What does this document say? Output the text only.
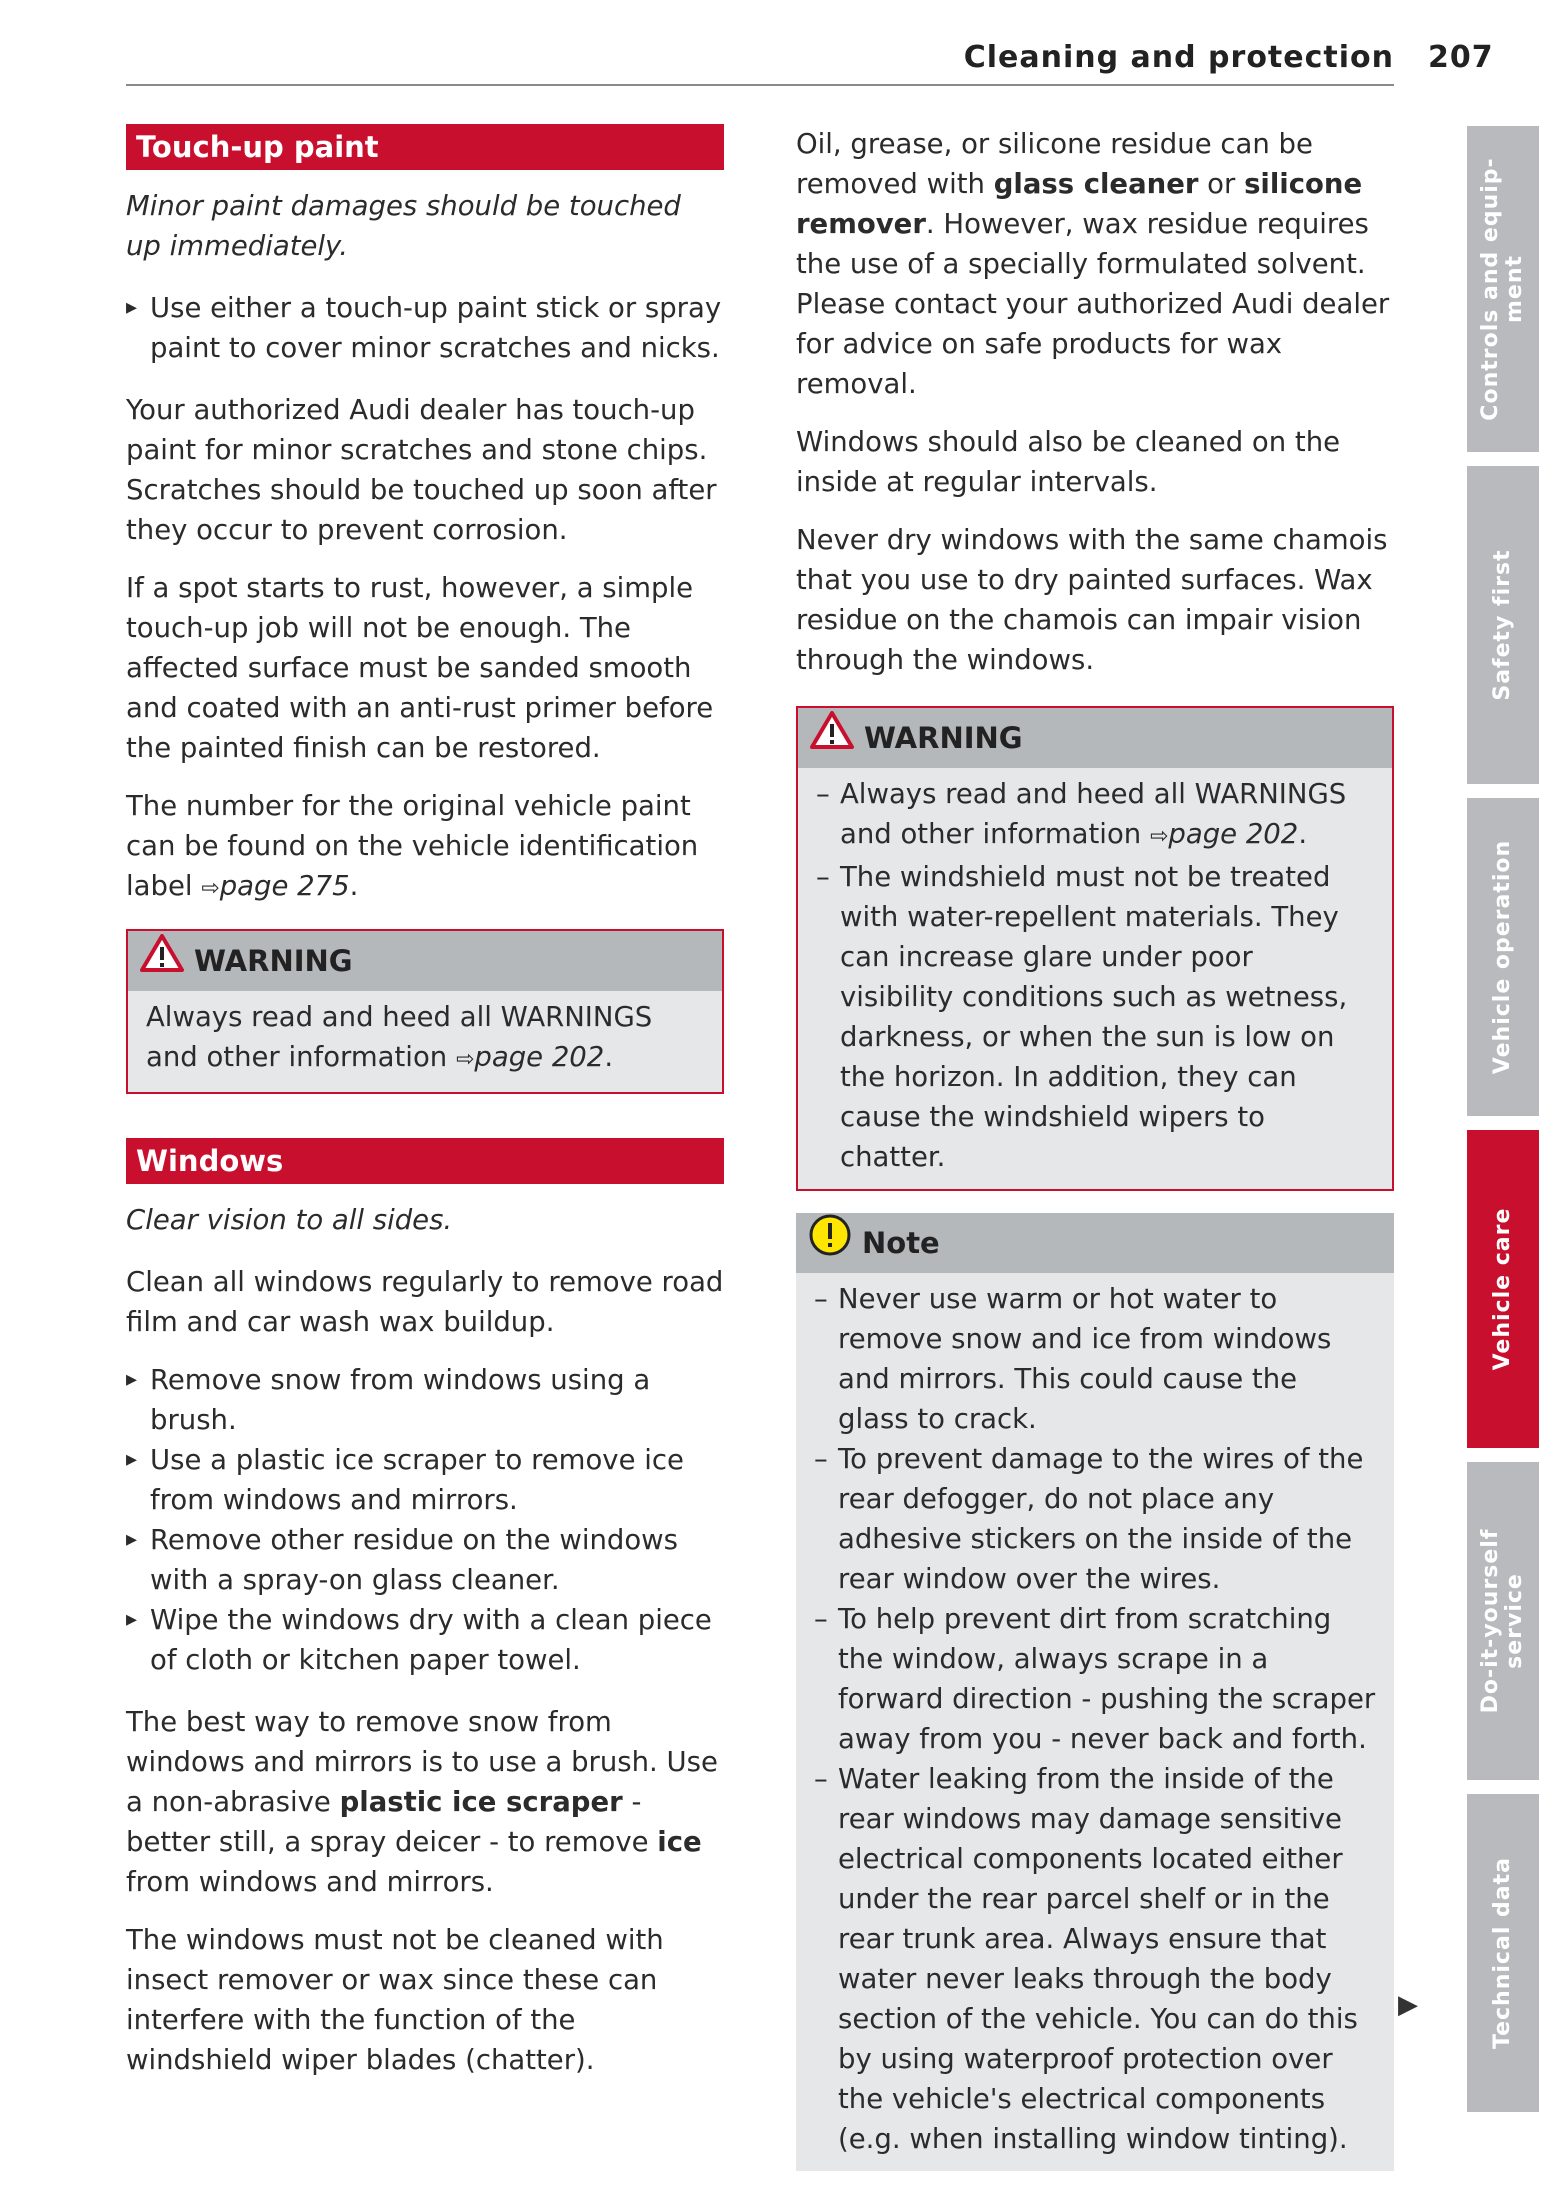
Cleaning and protection 207
Touch-up paint

Minor paint damages should be touched up immediately.

▸ Use either a touch-up paint stick or spray paint to cover minor scratches and nicks.

Your authorized Audi dealer has touch-up paint for minor scratches and stone chips. Scratches should be touched up soon after they occur to prevent corrosion.

If a spot starts to rust, however, a simple touch-up job will not be enough. The affected surface must be sanded smooth and coated with an anti-rust primer before the painted finish can be restored.

The number for the original vehicle paint can be found on the vehicle identification label ⇨page 275.

WARNING
Always read and heed all WARNINGS and other information ⇨page 202.
Windows

Clear vision to all sides.

Clean all windows regularly to remove road film and car wash wax buildup.

▸ Remove snow from windows using a brush.
▸ Use a plastic ice scraper to remove ice from windows and mirrors.
▸ Remove other residue on the windows with a spray-on glass cleaner.
▸ Wipe the windows dry with a clean piece of cloth or kitchen paper towel.

The best way to remove snow from windows and mirrors is to use a brush. Use a non-abrasive plastic ice scraper - better still, a spray deicer - to remove ice from windows and mirrors.

The windows must not be cleaned with insect remover or wax since these can interfere with the function of the windshield wiper blades (chatter).

Oil, grease, or silicone residue can be removed with glass cleaner or silicone remover. However, wax residue requires the use of a specially formulated solvent. Please contact your authorized Audi dealer for advice on safe products for wax removal.

Windows should also be cleaned on the inside at regular intervals.

Never dry windows with the same chamois that you use to dry painted surfaces. Wax residue on the chamois can impair vision through the windows.

WARNING
– Always read and heed all WARNINGS and other information ⇨page 202.
– The windshield must not be treated with water-repellent materials. They can increase glare under poor visibility conditions such as wetness, darkness, or when the sun is low on the horizon. In addition, they can cause the windshield wipers to chatter.
Note
– Never use warm or hot water to remove snow and ice from windows and mirrors. This could cause the glass to crack.
– To prevent damage to the wires of the rear defogger, do not place any adhesive stickers on the inside of the rear window over the wires.
– To help prevent dirt from scratching the window, always scrape in a forward direction - pushing the scraper away from you - never back and forth.
– Water leaking from the inside of the rear windows may damage sensitive electrical components located either under the rear parcel shelf or in the rear trunk area. Always ensure that water never leaks through the body section of the vehicle. You can do this by using waterproof protection over the vehicle's electrical components (e.g. when installing window tinting).
▶
Controls and equip- ment
Safety first
Vehicle operation
Vehicle care
Do-it-yourself service
Technical data
